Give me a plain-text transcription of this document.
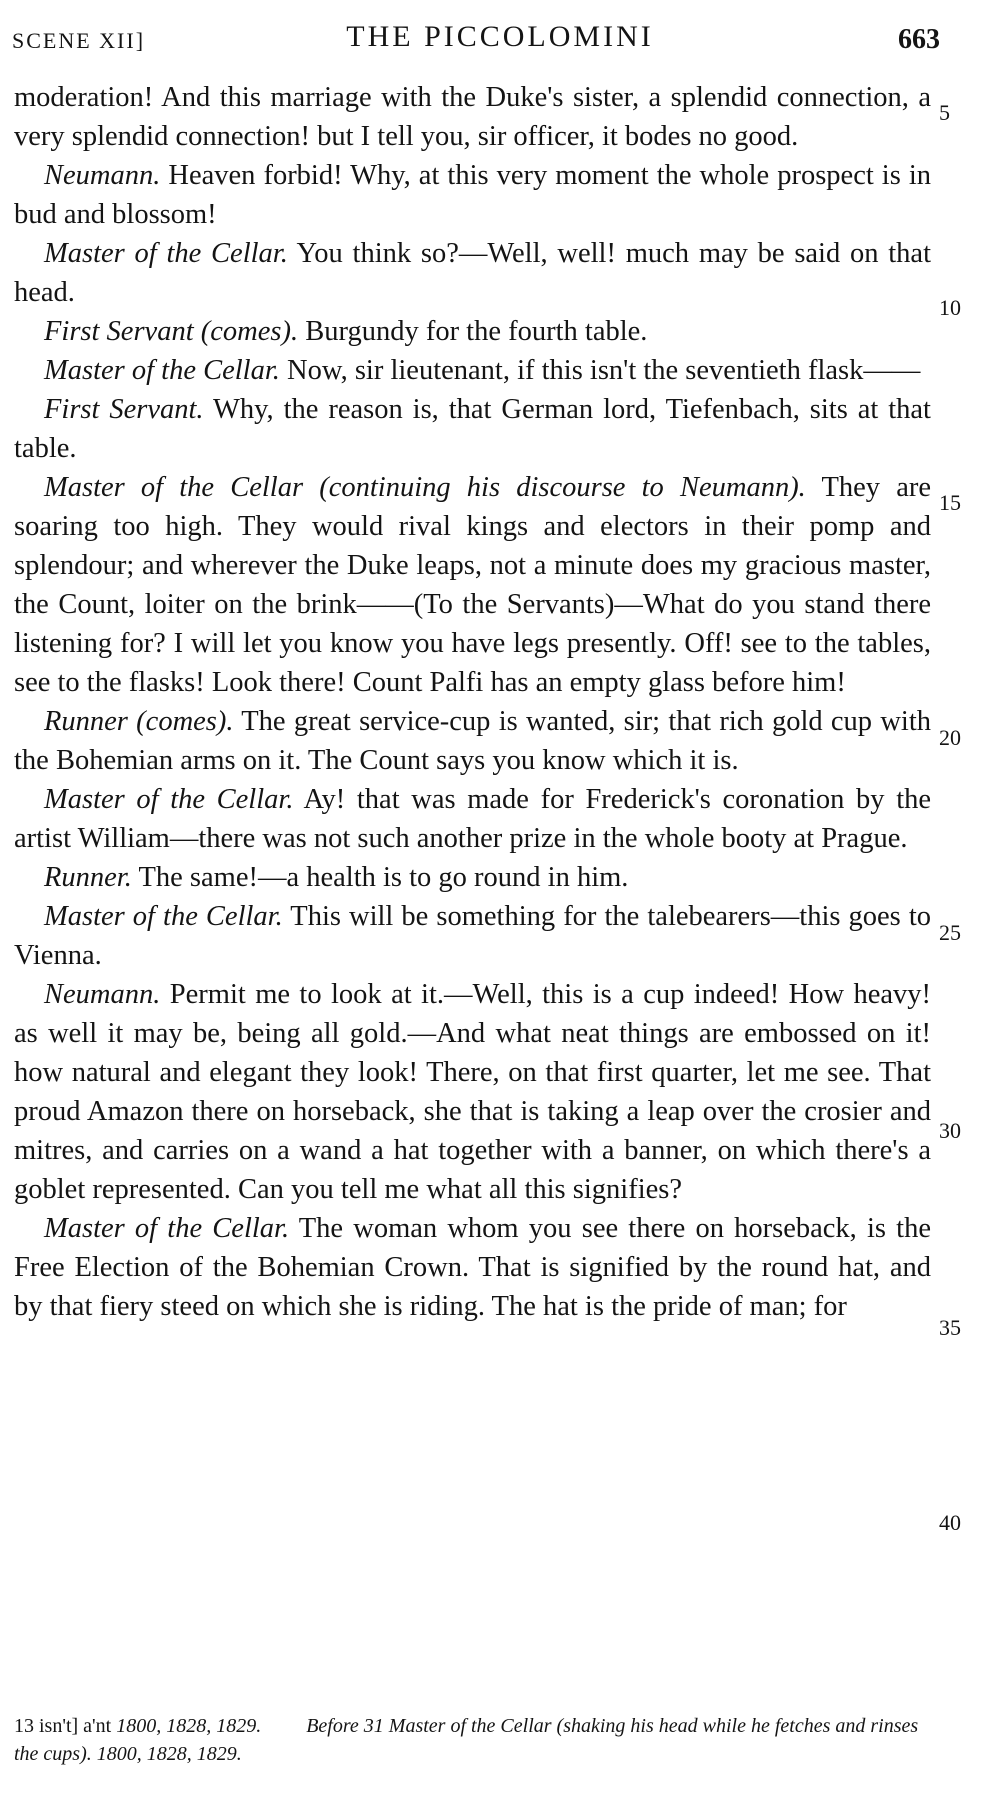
SCENE XII]	THE PICCOLOMINI	663

moderation! And this marriage with the Duke's sister, a splendid connection, a very splendid connection! but I tell you, sir officer, it bodes no good.

Neumann. Heaven forbid! Why, at this very moment the whole prospect is in bud and blossom!

Master of the Cellar. You think so?—Well, well! much may be said on that head.

First Servant (comes). Burgundy for the fourth table.

Master of the Cellar. Now, sir lieutenant, if this isn't the seventieth flask——

First Servant. Why, the reason is, that German lord, Tiefenbach, sits at that table.

Master of the Cellar (continuing his discourse to Neumann). They are soaring too high. They would rival kings and electors in their pomp and splendour; and wherever the Duke leaps, not a minute does my gracious master, the Count, loiter on the brink——(To the Servants)—What do you stand there listening for? I will let you know you have legs presently. Off! see to the tables, see to the flasks! Look there! Count Palfi has an empty glass before him!

Runner (comes). The great service-cup is wanted, sir; that rich gold cup with the Bohemian arms on it. The Count says you know which it is.

Master of the Cellar. Ay! that was made for Frederick's coronation by the artist William—there was not such another prize in the whole booty at Prague.

Runner. The same!—a health is to go round in him.

Master of the Cellar. This will be something for the talebearers—this goes to Vienna.

Neumann. Permit me to look at it.—Well, this is a cup indeed! How heavy! as well it may be, being all gold.—And what neat things are embossed on it! how natural and elegant they look! There, on that first quarter, let me see. That proud Amazon there on horseback, she that is taking a leap over the crosier and mitres, and carries on a wand a hat together with a banner, on which there's a goblet represented. Can you tell me what all this signifies?

Master of the Cellar. The woman whom you see there on horseback, is the Free Election of the Bohemian Crown. That is signified by the round hat, and by that fiery steed on which she is riding. The hat is the pride of man; for

5
10
15
20
25
30
35
40
13 isn't] a'nt 1800, 1828, 1829. Before 31 Master of the Cellar (shaking his head while he fetches and rinses the cups). 1800, 1828, 1829.
